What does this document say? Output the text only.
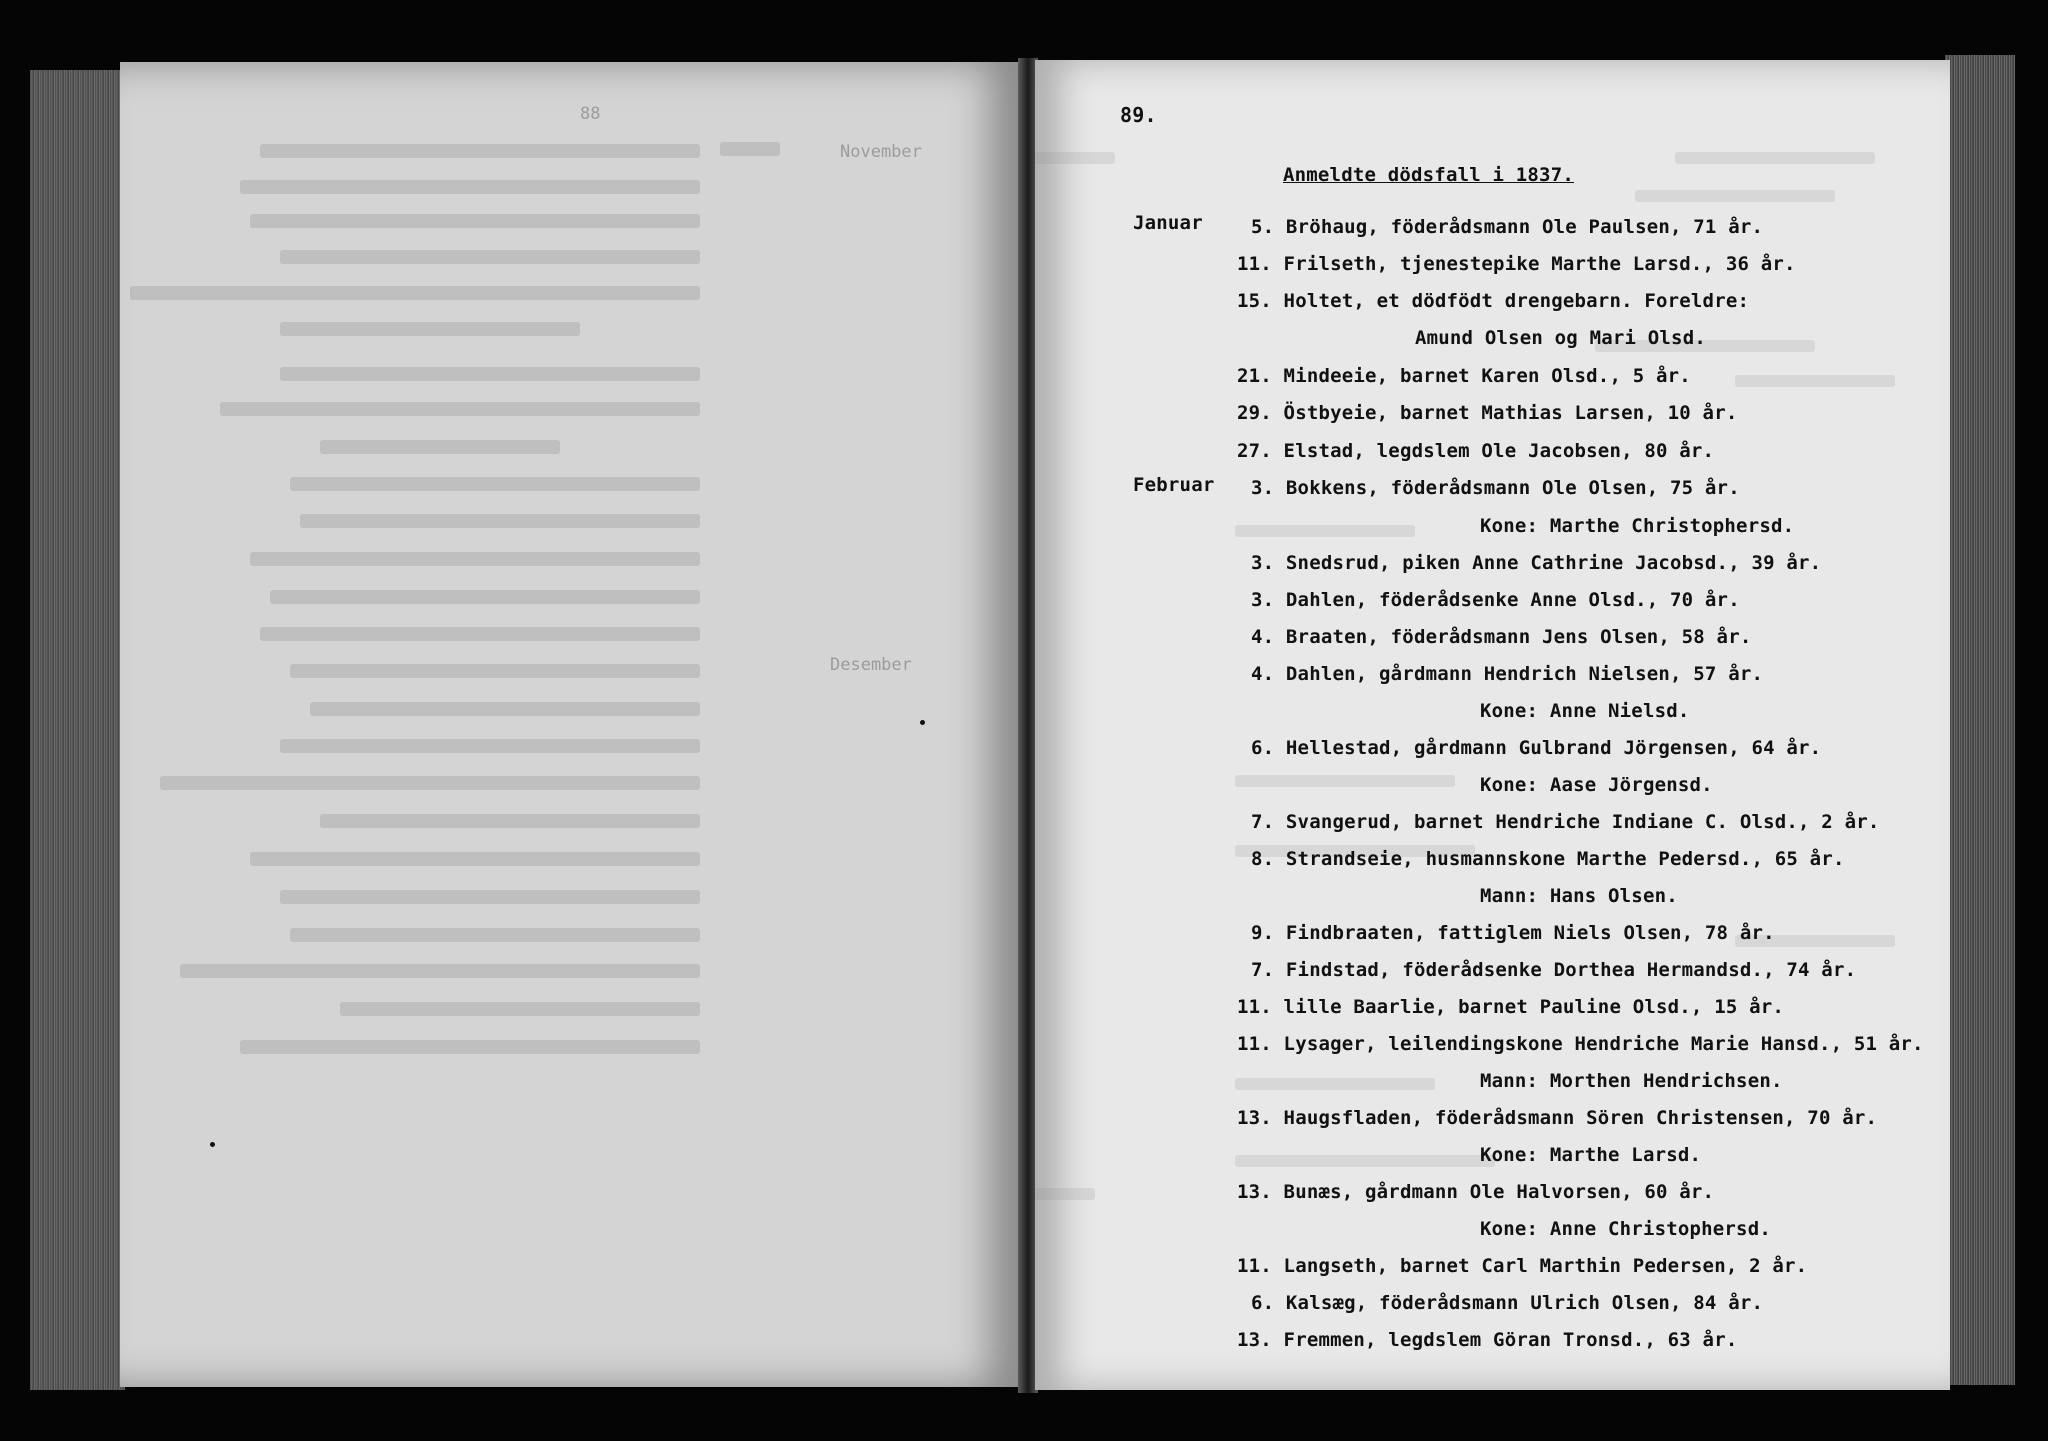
88
November
Desember
89.
Anmeldte dödsfall i 1837.
Januar
Februar
5. Bröhaug, föderådsmann Ole Paulsen, 71 år.
11. Frilseth, tjenestepike Marthe Larsd., 36 år.
15. Holtet, et dödfödt drengebarn. Foreldre:
Amund Olsen og Mari Olsd.
21. Mindeeie, barnet Karen Olsd., 5 år.
29. Östbyeie, barnet Mathias Larsen, 10 år.
27. Elstad, legdslem Ole Jacobsen, 80 år.
3. Bokkens, föderådsmann Ole Olsen, 75 år.
Kone: Marthe Christophersd.
3. Snedsrud, piken Anne Cathrine Jacobsd., 39 år.
3. Dahlen, föderådsenke Anne Olsd., 70 år.
4. Braaten, föderådsmann Jens Olsen, 58 år.
4. Dahlen, gårdmann Hendrich Nielsen, 57 år.
Kone: Anne Nielsd.
6. Hellestad, gårdmann Gulbrand Jörgensen, 64 år.
Kone: Aase Jörgensd.
7. Svangerud, barnet Hendriche Indiane C. Olsd., 2 år.
8. Strandseie, husmannskone Marthe Pedersd., 65 år.
Mann: Hans Olsen.
9. Findbraaten, fattiglem Niels Olsen, 78 år.
7. Findstad, föderådsenke Dorthea Hermandsd., 74 år.
11. lille Baarlie, barnet Pauline Olsd., 15 år.
11. Lysager, leilendingskone Hendriche Marie Hansd., 51 år.
Mann: Morthen Hendrichsen.
13. Haugsfladen, föderådsmann Sören Christensen, 70 år.
Kone: Marthe Larsd.
13. Bunæs, gårdmann Ole Halvorsen, 60 år.
Kone: Anne Christophersd.
11. Langseth, barnet Carl Marthin Pedersen, 2 år.
6. Kalsæg, föderådsmann Ulrich Olsen, 84 år.
13. Fremmen, legdslem Göran Tronsd., 63 år.
